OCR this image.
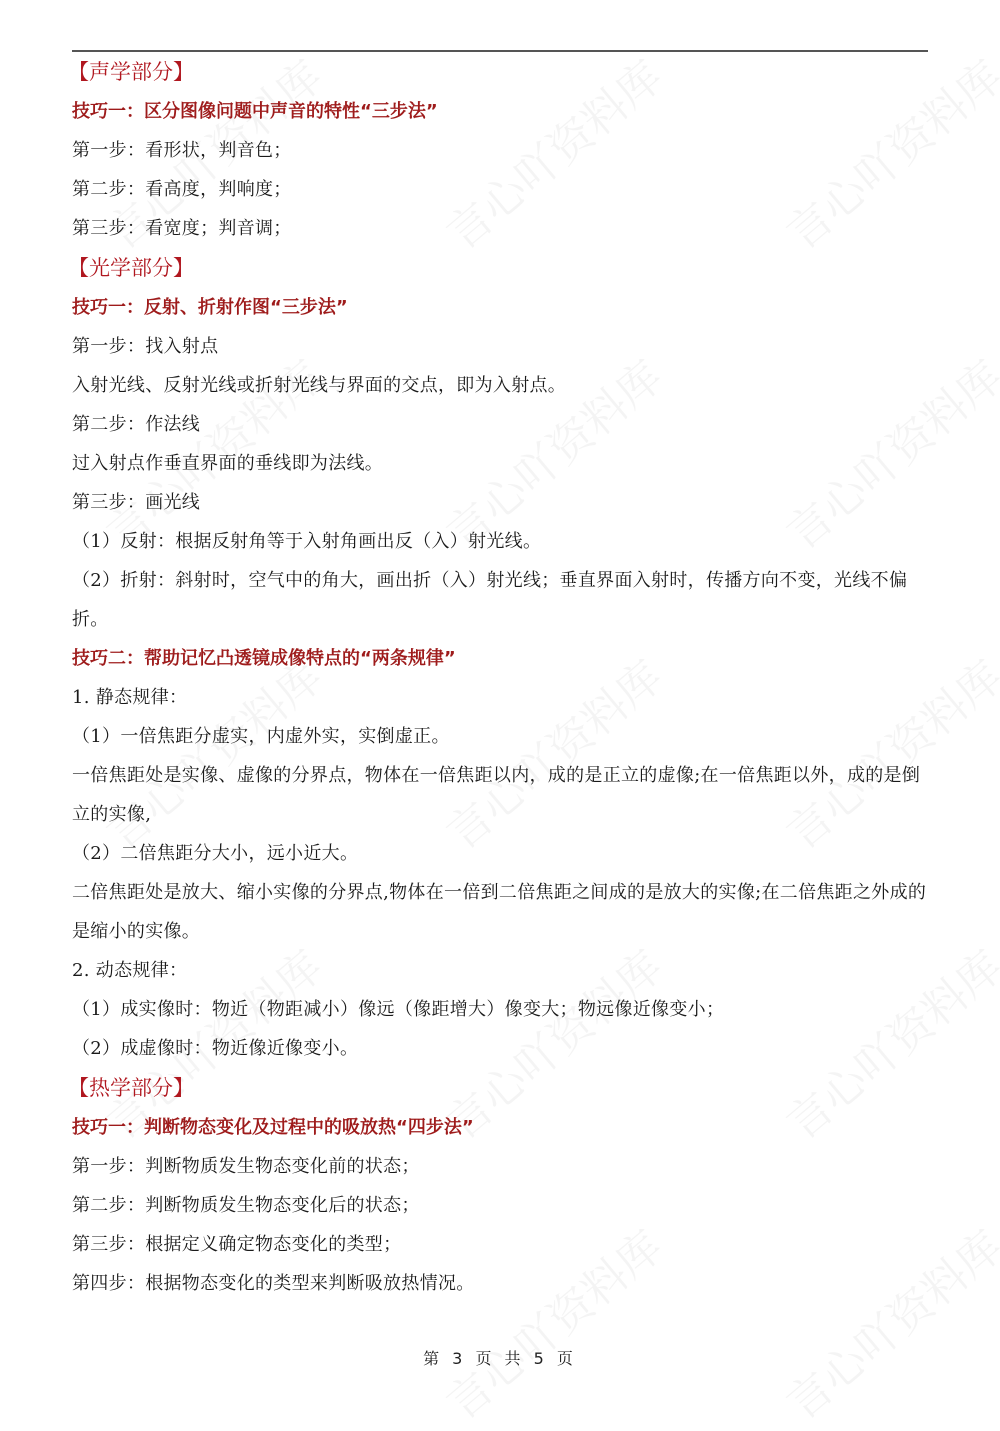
【声学部分】
技巧一：区分图像问题中声音的特性“三步法”
第一步：看形状，判音色；
第二步：看高度，判响度；
第三步：看宽度；判音调；
【光学部分】
技巧一：反射、折射作图“三步法”
第一步：找入射点
入射光线、反射光线或折射光线与界面的交点，即为入射点。
第二步：作法线
过入射点作垂直界面的垂线即为法线。
第三步：画光线
（1）反射：根据反射角等于入射角画出反（入）射光线。
（2）折射：斜射时，空气中的角大，画出折（入）射光线；垂直界面入射时，传播方向不变，光线不偏折。
技巧二：帮助记忆凸透镜成像特点的“两条规律”
1. 静态规律：
（1）一倍焦距分虚实，内虚外实，实倒虚正。
一倍焦距处是实像、虚像的分界点，物体在一倍焦距以内，成的是正立的虚像;在一倍焦距以外，成的是倒立的实像,
（2）二倍焦距分大小，远小近大。
二倍焦距处是放大、缩小实像的分界点,物体在一倍到二倍焦距之间成的是放大的实像;在二倍焦距之外成的是缩小的实像。
2. 动态规律：
（1）成实像时：物近（物距减小）像远（像距增大）像变大；物远像近像变小；
（2）成虚像时：物近像近像变小。
【热学部分】
技巧一：判断物态变化及过程中的吸放热“四步法”
第一步：判断物质发生物态变化前的状态；
第二步：判断物质发生物态变化后的状态；
第三步：根据定义确定物态变化的类型；
第四步：根据物态变化的类型来判断吸放热情况。
第 3 页 共 5 页
